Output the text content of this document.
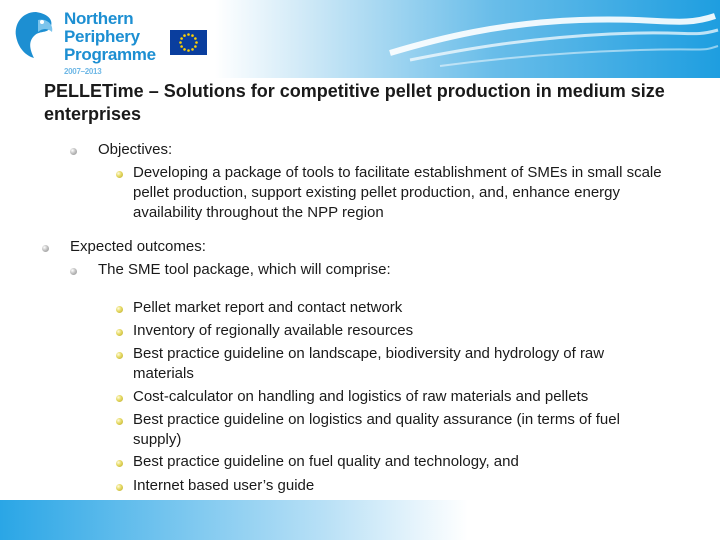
Northern
Periphery
Programme
2007–2013
PELLETime – Solutions for competitive pellet production in medium size enterprises
Objectives:
Developing a package of tools to facilitate establishment of SMEs in small scale pellet production, support existing pellet production, and, enhance energy availability throughout the NPP region
Expected outcomes:
The SME tool package, which will comprise:
Pellet market report and contact network
Inventory of regionally available resources
Best practice guideline on landscape, biodiversity and hydrology of raw materials
Cost-calculator on handling and logistics of raw materials and pellets
Best practice guideline on logistics and quality assurance (in terms of fuel supply)
Best practice guideline on fuel quality and technology, and
Internet based user’s guide
